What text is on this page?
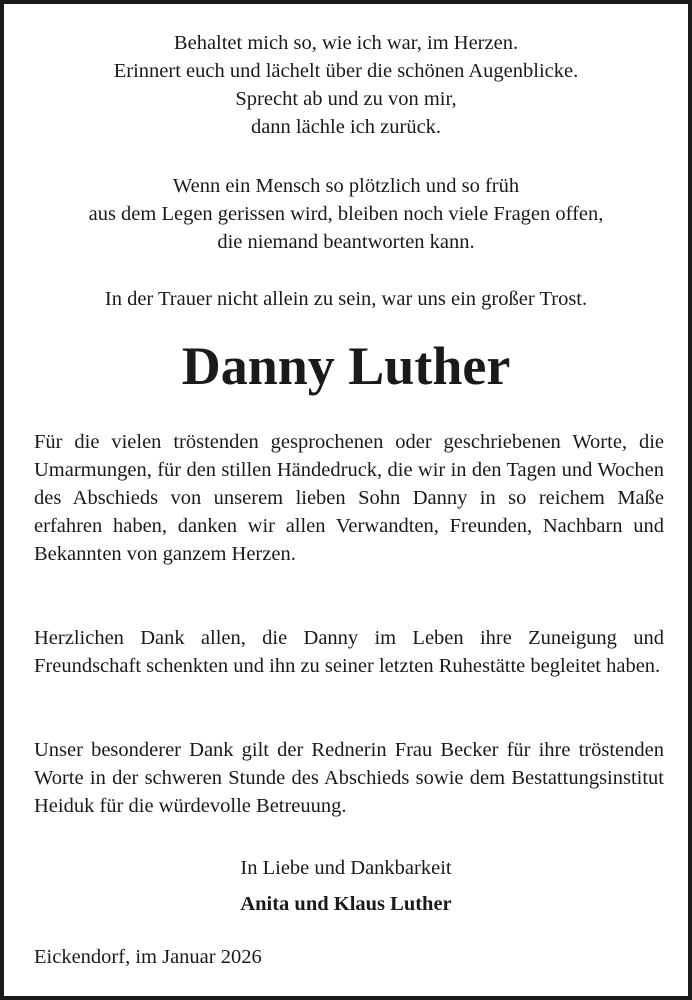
Behaltet mich so, wie ich war, im Herzen.
Erinnert euch und lächelt über die schönen Augenblicke.
Sprecht ab und zu von mir,
dann lächle ich zurück.
Wenn ein Mensch so plötzlich und so früh
aus dem Legen gerissen wird, bleiben noch viele Fragen offen,
die niemand beantworten kann.
In der Trauer nicht allein zu sein, war uns ein großer Trost.
Danny Luther

Für die vielen tröstenden gesprochenen oder geschriebenen Worte, die Umarmungen, für den stillen Händedruck, die wir in den Tagen und Wochen des Abschieds von unserem lieben Sohn Danny in so reichem Maße erfahren haben, danken wir allen Verwandten, Freunden, Nachbarn und Bekannten von ganzem Herzen.

Herzlichen Dank allen, die Danny im Leben ihre Zuneigung und Freundschaft schenkten und ihn zu seiner letzten Ruhestätte begleitet haben.

Unser besonderer Dank gilt der Rednerin Frau Becker für ihre tröstenden Worte in der schweren Stunde des Abschieds sowie dem Bestattungsinstitut Heiduk für die würdevolle Betreuung.

In Liebe und Dankbarkeit
Anita und Klaus Luther
Eickendorf, im Januar 2026
